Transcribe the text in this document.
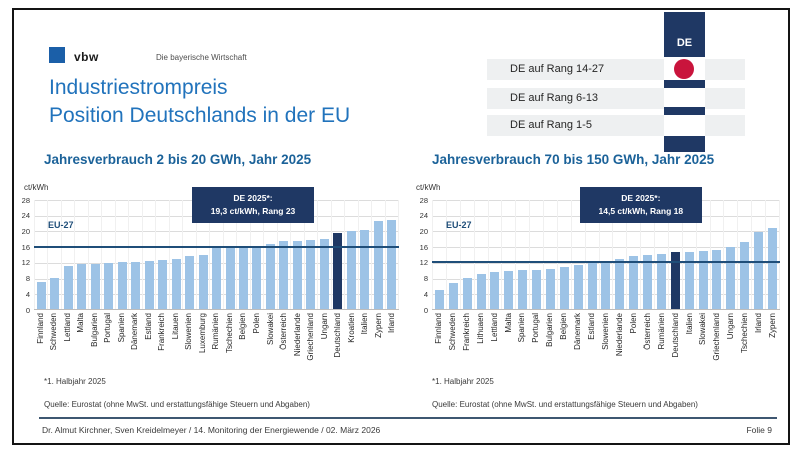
vbw	Die bayerische Wirtschaft
Industriestrompreis
Position Deutschlands in der EU
DE auf Rang 14-27
DE auf Rang 6-13
DE auf Rang 1-5
DE
Jahresverbrauch 2 bis 20 GWh, Jahr 2025
ct/kWh
0
4
8
12
16
20
24
28
EU-27
DE 2025*:
19,3 ct/kWh, Rang 23
Finnland Schweden Lettland Malta Bulgarien Portugal Spanien Dänemark Estland Frankreich Litauen Slowenien Luxemburg Rumänien Tschechien Belgien Polen Slowakei Österreich Niederlande Griechenland Ungarn Deutschland Kroatien Italien Zypern Irland
*1. Halbjahr 2025
Quelle: Eurostat (ohne MwSt. und erstattungsfähige Steuern und Abgaben)
Jahresverbrauch 70 bis 150 GWh, Jahr 2025
ct/kWh
0
4
8
12
16
20
24
28
EU-27
DE 2025*:
14,5 ct/kWh, Rang 18
Finnland Schweden Frankreich Lithuaen Lettland Malta Spanien Portugal Bulgarien Belgien Dänemark Estland Slowenien Niederlande Polen Österreich Rumänien Deutschland Italien Slowakei Griechenland Ungarn Tschechien Irland Zypern
*1. Halbjahr 2025
Quelle: Eurostat (ohne MwSt. und erstattungsfähige Steuern und Abgaben)
Dr. Almut Kirchner, Sven Kreidelmeyer / 14. Monitoring der Energiewende / 02. März 2026	Folie 9
